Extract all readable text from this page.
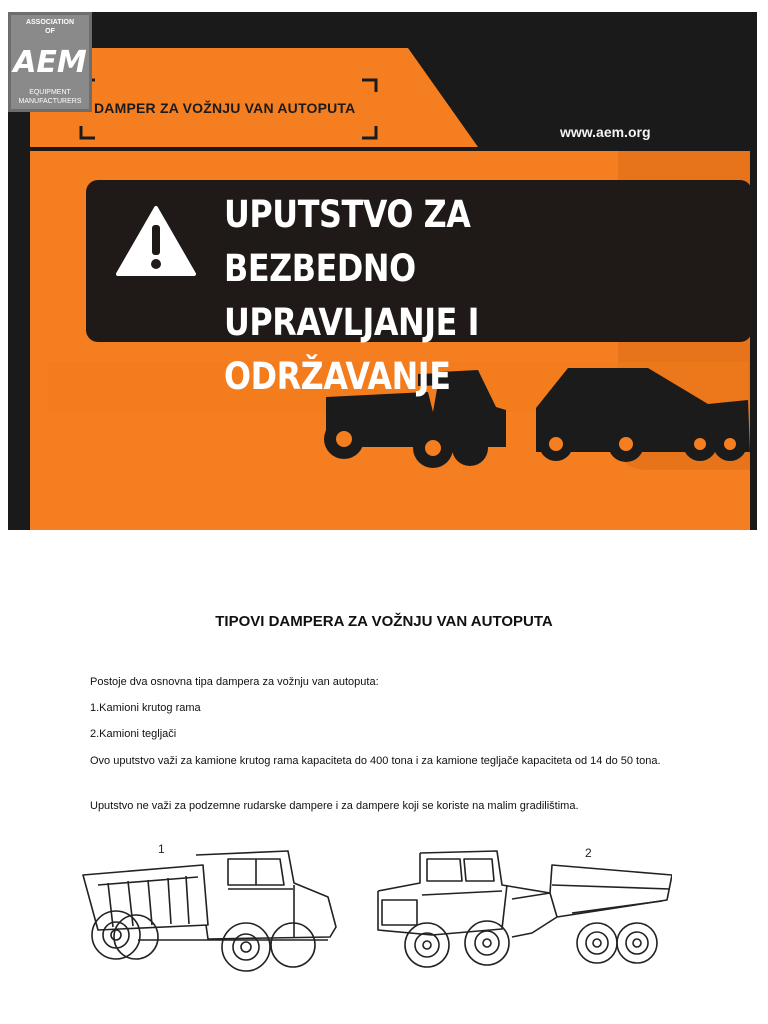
ASSOCIATION
OF
AEM
EQUIPMENT
MANUFACTURERS DAMPER ZA VOŽNJU VAN AUTOPUTA
www.aem.org
UPUTSTVO ZA BEZBEDNO
UPRAVLJANJE I ODRŽAVANJE
TIPOVI DAMPERA ZA VOŽNJU VAN AUTOPUTA
Postoje dva osnovna tipa dampera za vožnju van autoputa:
1.Kamioni krutog rama
2.Kamioni tegljači
Ovo uputstvo važi za kamione krutog rama kapaciteta do 400 tona i za kamione tegljače kapaciteta od 14 do 50 tona.
Uputstvo ne važi za podzemne rudarske dampere i za dampere koji se koriste na malim gradilištima.
1	2
